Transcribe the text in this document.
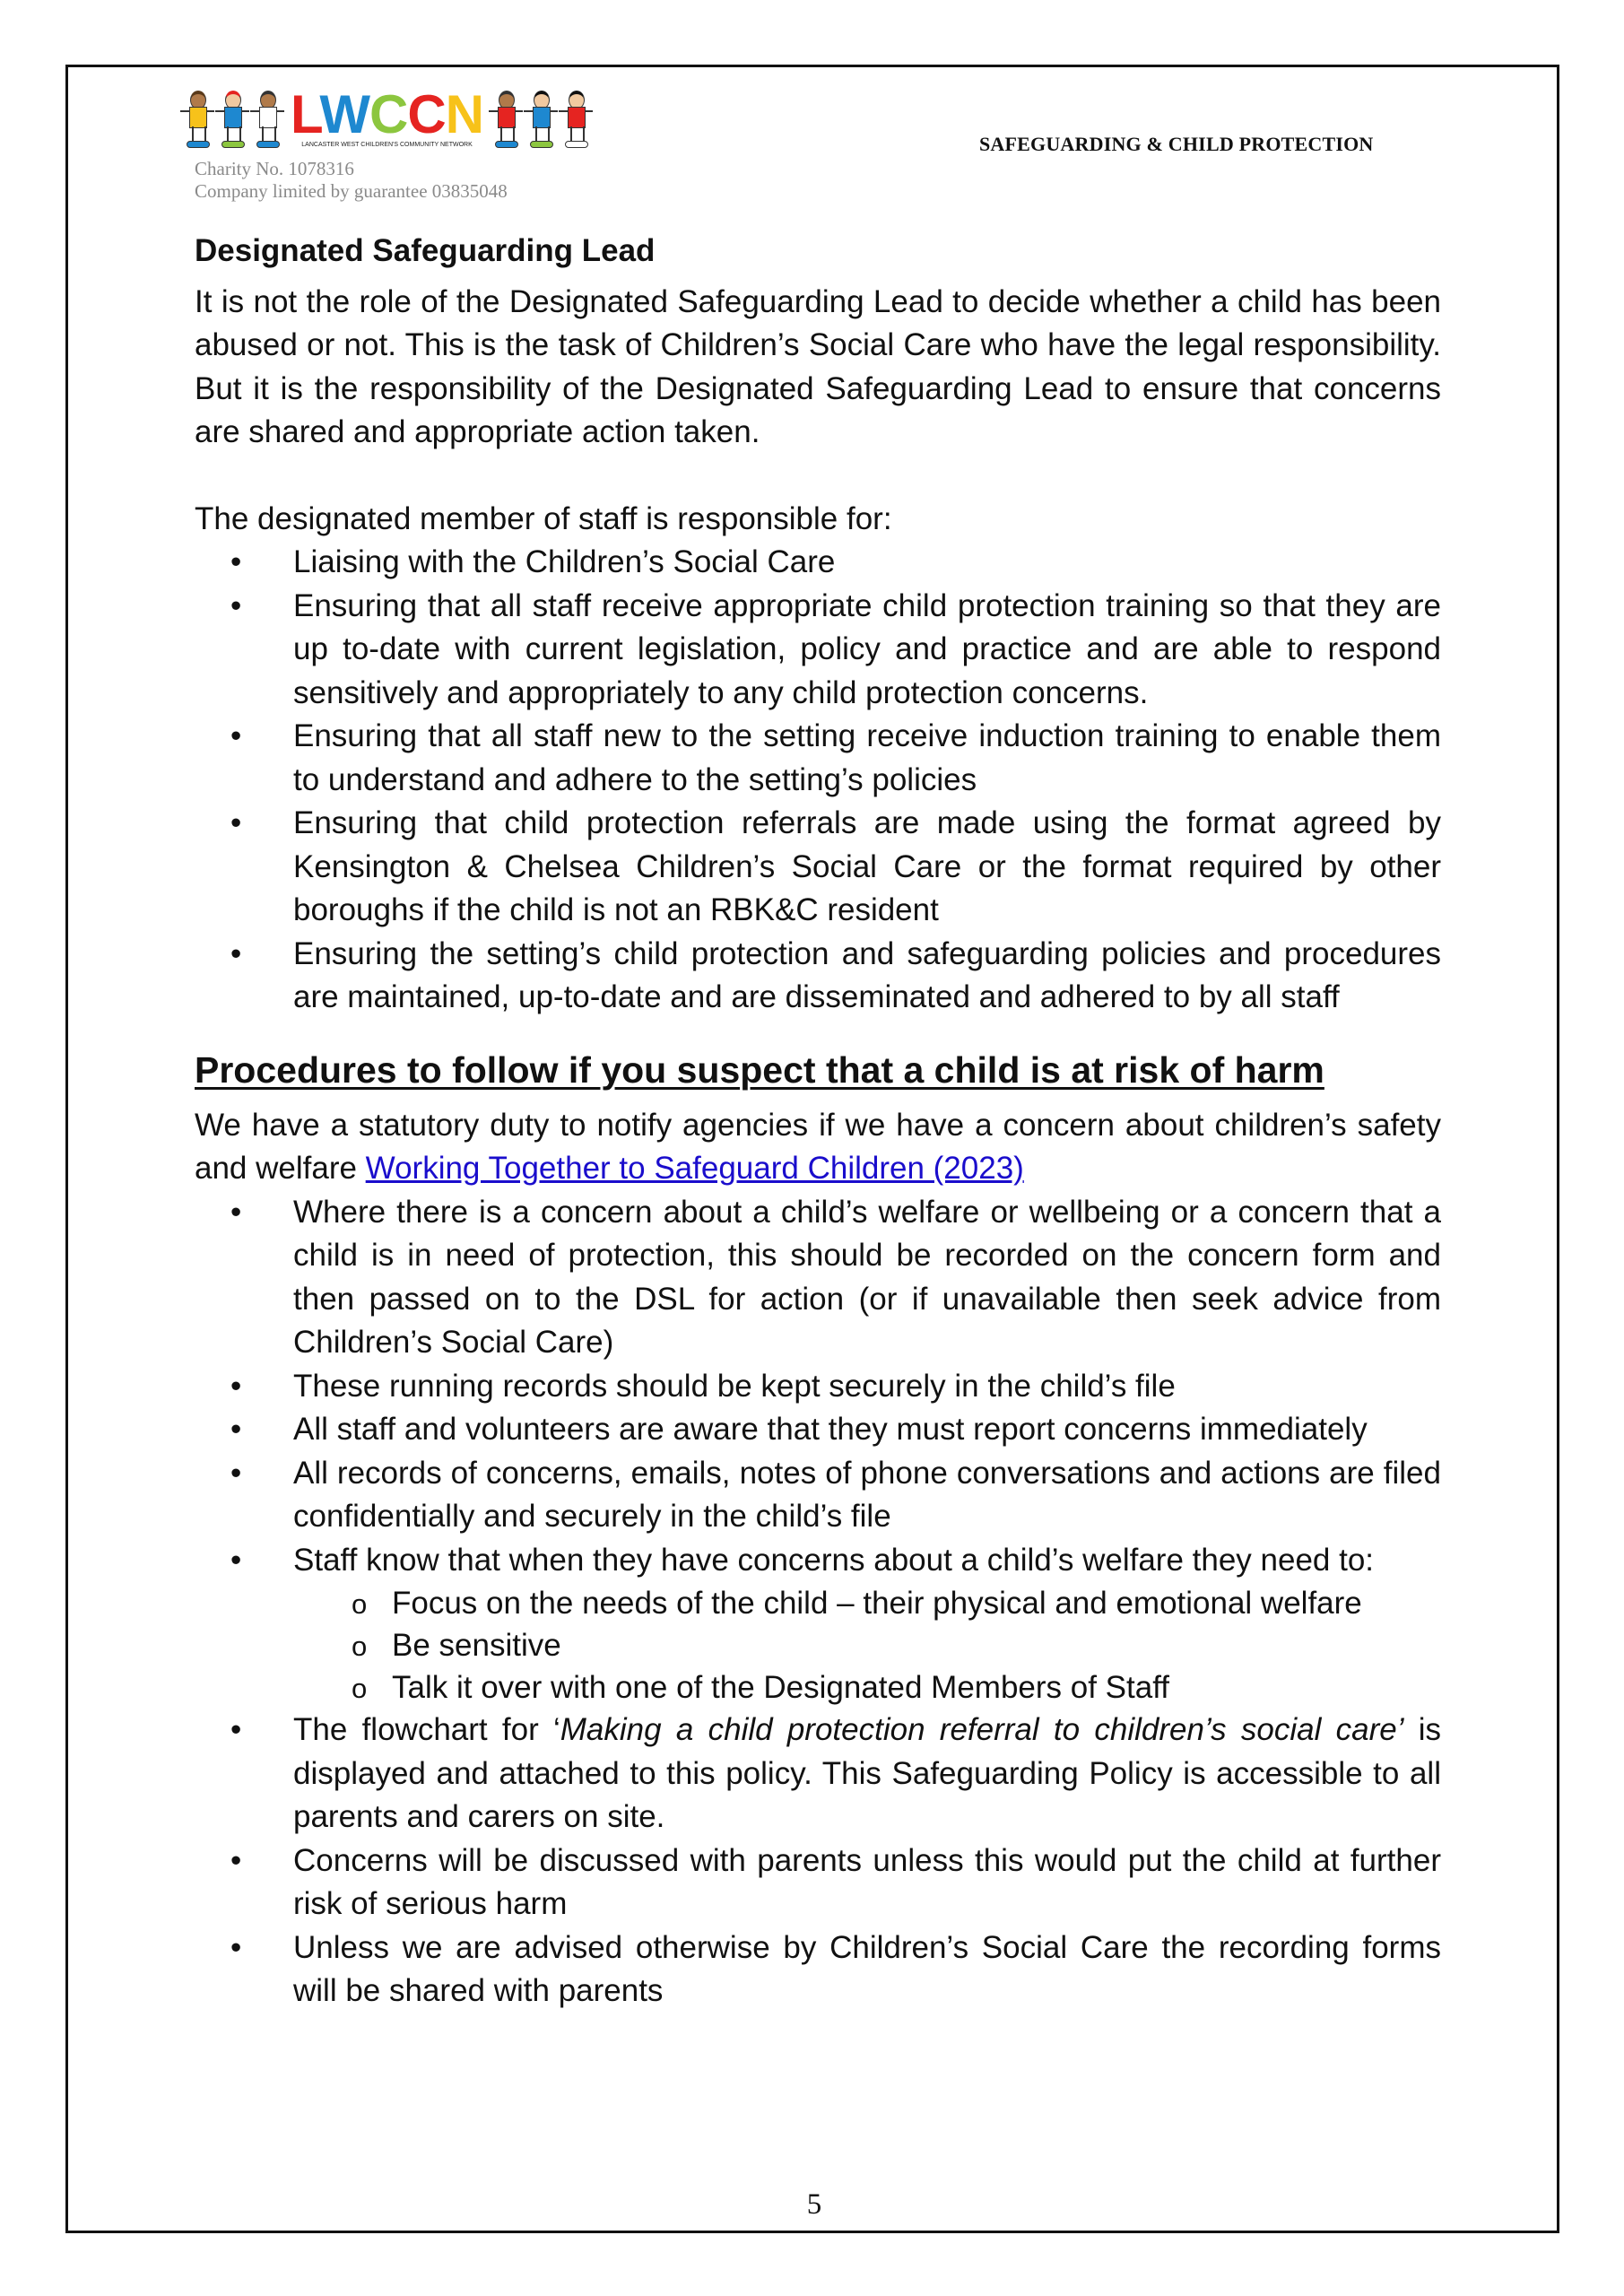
LWCCN
LANCASTER WEST CHILDREN'S COMMUNITY NETWORK
Charity No. 1078316
Company limited by guarantee 03835048
SAFEGUARDING & CHILD PROTECTION
Designated Safeguarding Lead
It is not the role of the Designated Safeguarding Lead to decide whether a child has been abused or not. This is the task of Children’s Social Care who have the legal responsibility. But it is the responsibility of the Designated Safeguarding Lead to ensure that concerns are shared and appropriate action taken.
The designated member of staff is responsible for:
• Liaising with the Children’s Social Care
• Ensuring that all staff receive appropriate child protection training so that they are up to-date with current legislation, policy and practice and are able to respond sensitively and appropriately to any child protection concerns.
• Ensuring that all staff new to the setting receive induction training to enable them to understand and adhere to the setting’s policies
• Ensuring that child protection referrals are made using the format agreed by Kensington & Chelsea Children’s Social Care or the format required by other boroughs if the child is not an RBK&C resident
• Ensuring the setting’s child protection and safeguarding policies and procedures are maintained, up-to-date and are disseminated and adhered to by all staff
Procedures to follow if you suspect that a child is at risk of harm
We have a statutory duty to notify agencies if we have a concern about children’s safety and welfare Working Together to Safeguard Children (2023)
• Where there is a concern about a child’s welfare or wellbeing or a concern that a child is in need of protection, this should be recorded on the concern form and then passed on to the DSL for action (or if unavailable then seek advice from Children’s Social Care)
• These running records should be kept securely in the child’s file
• All staff and volunteers are aware that they must report concerns immediately
• All records of concerns, emails, notes of phone conversations and actions are filed confidentially and securely in the child’s file
• Staff know that when they have concerns about a child’s welfare they need to:
o Focus on the needs of the child – their physical and emotional welfare
o Be sensitive
o Talk it over with one of the Designated Members of Staff
• The flowchart for ‘Making a child protection referral to children’s social care’ is displayed and attached to this policy. This Safeguarding Policy is accessible to all parents and carers on site.
• Concerns will be discussed with parents unless this would put the child at further risk of serious harm
• Unless we are advised otherwise by Children’s Social Care the recording forms will be shared with parents
5
